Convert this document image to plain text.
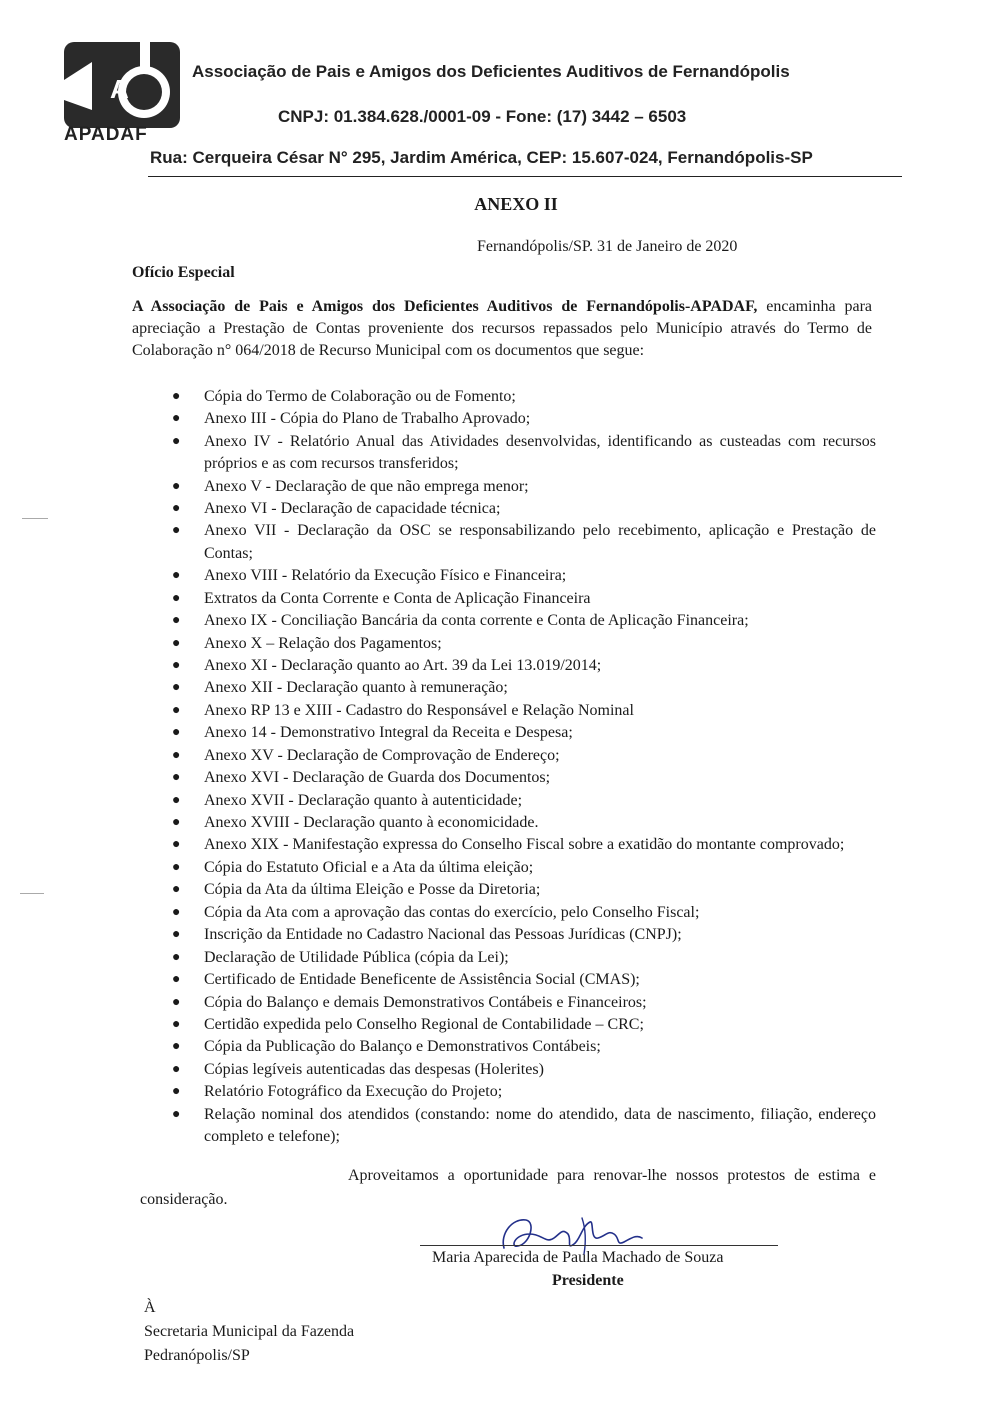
A
APADAF
Associação de Pais e Amigos dos Deficientes Auditivos de Fernandópolis
CNPJ: 01.384.628./0001-09 - Fone: (17) 3442 – 6503
Rua: Cerqueira César N° 295, Jardim América, CEP: 15.607-024, Fernandópolis-SP
ANEXO II
Fernandópolis/SP. 31 de Janeiro de 2020
Ofício Especial
A Associação de Pais e Amigos dos Deficientes Auditivos de Fernandópolis-APADAF, encaminha para apreciação a Prestação de Contas proveniente dos recursos repassados pelo Município através do Termo de Colaboração n° 064/2018 de Recurso Municipal com os documentos que segue:
● Cópia do Termo de Colaboração ou de Fomento;
● Anexo III - Cópia do Plano de Trabalho Aprovado;
● Anexo IV - Relatório Anual das Atividades desenvolvidas, identificando as custeadas com recursos próprios e as com recursos transferidos;
● Anexo V - Declaração de que não emprega menor;
● Anexo VI - Declaração de capacidade técnica;
● Anexo VII - Declaração da OSC se responsabilizando pelo recebimento, aplicação e Prestação de Contas;
● Anexo VIII - Relatório da Execução Físico e Financeira;
● Extratos da Conta Corrente e Conta de Aplicação Financeira
● Anexo IX - Conciliação Bancária da conta corrente e Conta de Aplicação Financeira;
● Anexo X – Relação dos Pagamentos;
● Anexo XI - Declaração quanto ao Art. 39 da Lei 13.019/2014;
● Anexo XII - Declaração quanto à remuneração;
● Anexo RP 13 e XIII - Cadastro do Responsável e Relação Nominal
● Anexo 14 - Demonstrativo Integral da Receita e Despesa;
● Anexo XV - Declaração de Comprovação de Endereço;
● Anexo XVI - Declaração de Guarda dos Documentos;
● Anexo XVII - Declaração quanto à autenticidade;
● Anexo XVIII - Declaração quanto à economicidade.
● Anexo XIX - Manifestação expressa do Conselho Fiscal sobre a exatidão do montante comprovado;
● Cópia do Estatuto Oficial e a Ata da última eleição;
● Cópia da Ata da última Eleição e Posse da Diretoria;
● Cópia da Ata com a aprovação das contas do exercício, pelo Conselho Fiscal;
● Inscrição da Entidade no Cadastro Nacional das Pessoas Jurídicas (CNPJ);
● Declaração de Utilidade Pública (cópia da Lei);
● Certificado de Entidade Beneficente de Assistência Social (CMAS);
● Cópia do Balanço e demais Demonstrativos Contábeis e Financeiros;
● Certidão expedida pelo Conselho Regional de Contabilidade – CRC;
● Cópia da Publicação do Balanço e Demonstrativos Contábeis;
● Cópias legíveis autenticadas das despesas (Holerites)
● Relatório Fotográfico da Execução do Projeto;
● Relação nominal dos atendidos (constando: nome do atendido, data de nascimento, filiação, endereço completo e telefone);
Aproveitamos a oportunidade para renovar-lhe nossos protestos de estima e consideração.
Maria Aparecida de Paula Machado de Souza
Presidente
À
Secretaria Municipal da Fazenda
Pedranópolis/SP
